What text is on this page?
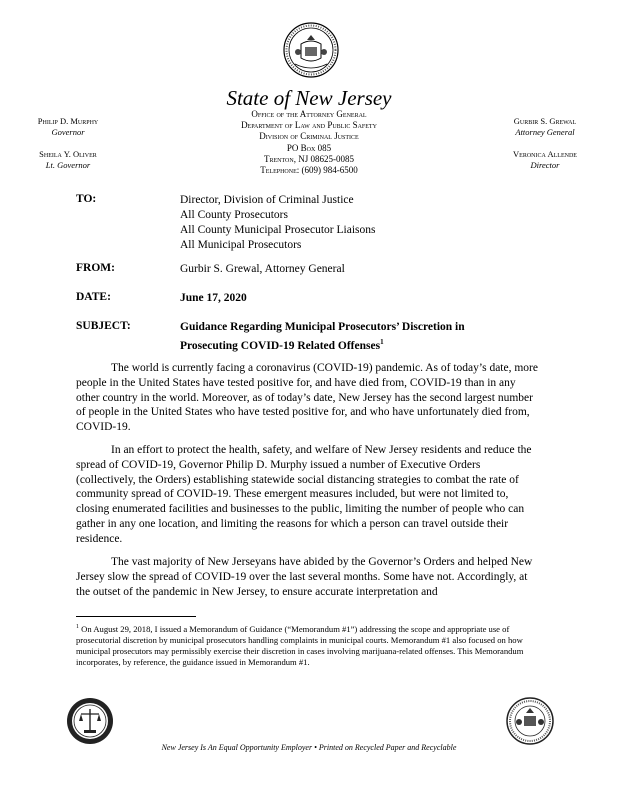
State of New Jersey
Office of the Attorney General
Department of Law and Public Safety
Division of Criminal Justice
PO Box 085
Trenton, NJ 08625-0085
Telephone: (609) 984-6500
Philip D. Murphy
Governor
Sheila Y. Oliver
Lt. Governor
Gurbir S. Grewal
Attorney General
Veronica Allende
Director
TO:	Director, Division of Criminal Justice
All County Prosecutors
All County Municipal Prosecutor Liaisons
All Municipal Prosecutors
FROM:	Gurbir S. Grewal, Attorney General
DATE:	June 17, 2020
SUBJECT:	Guidance Regarding Municipal Prosecutors’ Discretion in
Prosecuting COVID-19 Related Offenses$^1$
The world is currently facing a coronavirus (COVID-19) pandemic. As of today’s date, more people in the United States have tested positive for, and have died from, COVID-19 than in any other country in the world. Moreover, as of today’s date, New Jersey has the second largest number of people in the United States who have tested positive for, and who have unfortunately died from, COVID-19.
In an effort to protect the health, safety, and welfare of New Jersey residents and reduce the spread of COVID-19, Governor Philip D. Murphy issued a number of Executive Orders (collectively, the Orders) establishing statewide social distancing strategies to combat the rate of community spread of COVID-19. These emergent measures included, but were not limited to, closing enumerated facilities and businesses to the public, limiting the number of people who can gather in any one location, and limiting the reasons for which a person can travel outside their residence.
The vast majority of New Jerseyans have abided by the Governor’s Orders and helped New Jersey slow the spread of COVID-19 over the last several months. Some have not. Accordingly, at the outset of the pandemic in New Jersey, to ensure accurate interpretation and
$^1$ On August 29, 2018, I issued a Memorandum of Guidance (“Memorandum #1”) addressing the scope and appropriate use of prosecutorial discretion by municipal prosecutors handling complaints in municipal courts. Memorandum #1 also focused on how municipal prosecutors may permissibly exercise their discretion in cases involving marijuana-related offenses. This Memorandum incorporates, by reference, the guidance issued in Memorandum #1.
New Jersey Is An Equal Opportunity Employer • Printed on Recycled Paper and Recyclable
